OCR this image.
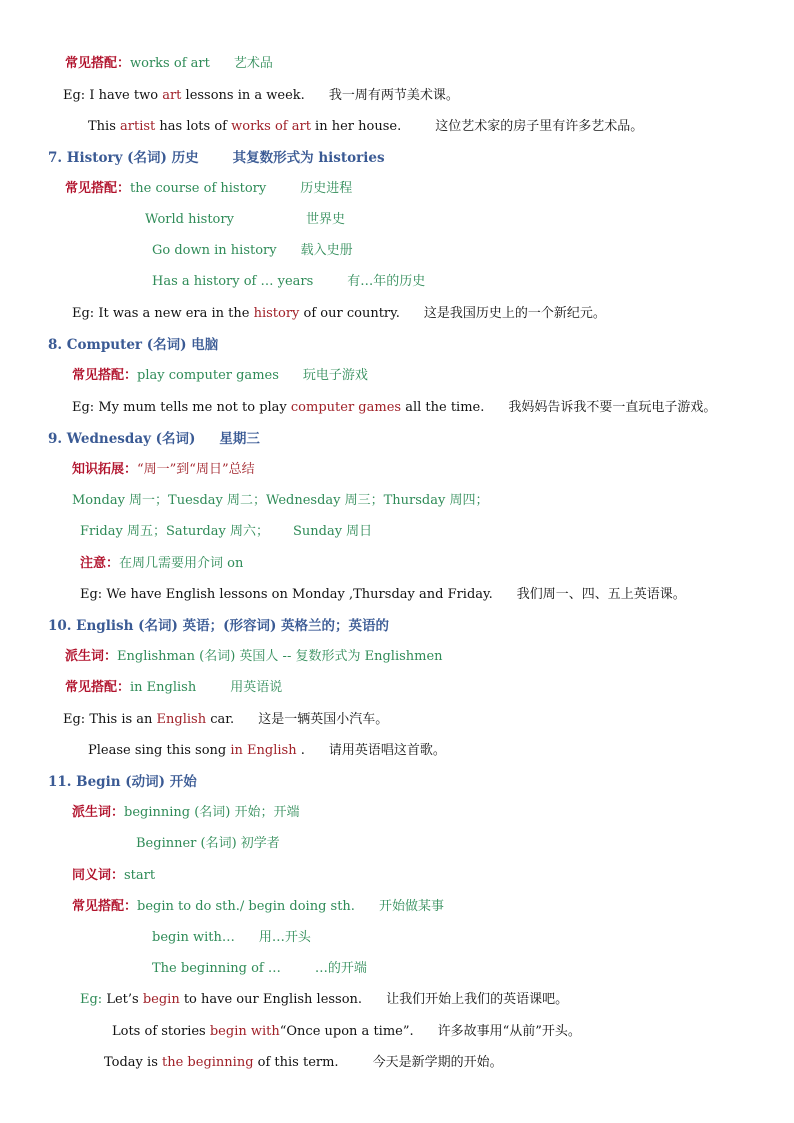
常见搭配：works of art 艺术品
Eg: I have two art lessons in a week. 我一周有两节美术课。
This artist has lots of works of art in her house.	这位艺术家的房子里有许多艺术品。
7. History (名词) 历史	其复数形式为 histories
常见搭配：the course of history	历史进程
World history	世界史
Go down in history 载入史册
Has a history of … years	有…年的历史
Eg: It was a new era in the history of our country. 这是我国历史上的一个新纪元。
8. Computer (名词) 电脑
常见搭配：play computer games 玩电子游戏
Eg: My mum tells me not to play computer games all the time. 我妈妈告诉我不要一直玩电子游戏。
9. Wednesday (名词) 星期三
知识拓展：“周一”到“周日”总结
Monday 周一；Tuesday 周二；Wednesday 周三；Thursday 周四；
Friday 周五；Saturday 周六； Sunday 周日
注意：在周几需要用介词 on
Eg: We have English lessons on Monday ,Thursday and Friday. 我们周一、四、五上英语课。
10. English (名词) 英语；(形容词) 英格兰的；英语的
派生词：Englishman (名词) 英国人 -- 复数形式为 Englishmen
常见搭配：in English	用英语说
Eg: This is an English car. 这是一辆英国小汽车。
Please sing this song in English . 请用英语唱这首歌。
11. Begin (动词) 开始
派生词：beginning (名词) 开始；开端
Beginner (名词) 初学者
同义词：start
常见搭配：begin to do sth./ begin doing sth. 开始做某事
begin with… 用…开头
The beginning of …	…的开端
Eg: Let’s begin to have our English lesson. 让我们开始上我们的英语课吧。
Lots of stories begin with“Once upon a time”. 许多故事用“从前”开头。
Today is the beginning of this term.	今天是新学期的开始。
